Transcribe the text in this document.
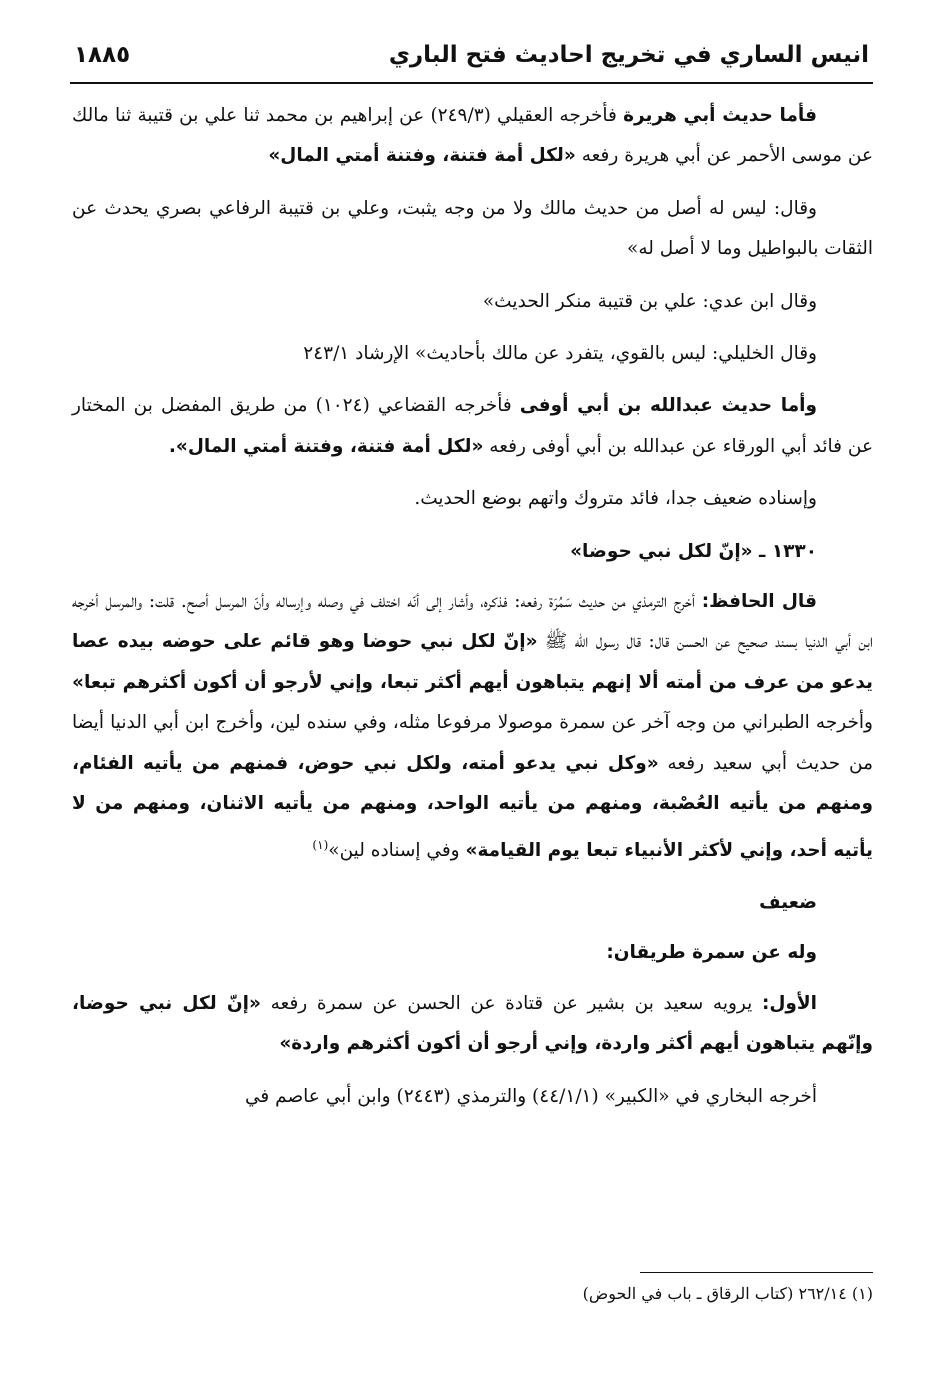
انيس الساري في تخريج احاديث فتح الباري
١٨٨٥

فأما حديث أبي هريرة فأخرجه العقيلي (٢٤٩/٣) عن إبراهيم بن محمد ثنا علي بن قتيبة ثنا مالك عن موسى الأحمر عن أبي هريرة رفعه «لكل أمة فتنة، وفتنة أمتي المال»

وقال: ليس له أصل من حديث مالك ولا من وجه يثبت، وعلي بن قتيبة الرفاعي بصري يحدث عن الثقات بالبواطيل وما لا أصل له»

وقال ابن عدي: علي بن قتيبة منكر الحديث»

وقال الخليلي: ليس بالقوي، يتفرد عن مالك بأحاديث» الإرشاد ٢٤٣/١

وأما حديث عبدالله بن أبي أوفى فأخرجه القضاعي (١٠٢٤) من طريق المفضل بن المختار عن فائد أبي الورقاء عن عبدالله بن أبي أوفى رفعه «لكل أمة فتنة، وفتنة أمتي المال».

وإسناده ضعيف جدا، فائد متروك واتهم بوضع الحديث.

١٣٣٠ ـ «إنّ لكل نبي حوضا»

قال الحافظ: أخرج الترمذي من حديث سَمُرَة رفعه: فذكره، وأشار إلى أنّه اختلف في وصله وإرساله وأنّ المرسل أصح. قلت: والمرسل أخرجه ابن أبي الدنيا بسند صحيح عن الحسن قال: قال رسول الله ﷺ «إنّ لكل نبي حوضا وهو قائم على حوضه بيده عصا يدعو من عرف من أمته ألا إنهم يتباهون أيهم أكثر تبعا، وإني لأرجو أن أكون أكثرهم تبعا» وأخرجه الطبراني من وجه آخر عن سمرة موصولا مرفوعا مثله، وفي سنده لين، وأخرج ابن أبي الدنيا أيضا من حديث أبي سعيد رفعه «وكل نبي يدعو أمته، ولكل نبي حوض، فمنهم من يأتيه الفئام، ومنهم من يأتيه العُصْبة، ومنهم من يأتيه الواحد، ومنهم من يأتيه الاثنان، ومنهم من لا يأتيه أحد، وإني لأكثر الأنبياء تبعا يوم القيامة» وفي إسناده لين»$^{(١)}$

ضعيف

وله عن سمرة طريقان:

الأول: يرويه سعيد بن بشير عن قتادة عن الحسن عن سمرة رفعه «إنّ لكل نبي حوضا، وإنّهم يتباهون أيهم أكثر واردة، وإني أرجو أن أكون أكثرهم واردة»

أخرجه البخاري في «الكبير» (٤٤/١/١) والترمذي (٢٤٤٣) وابن أبي عاصم في

(١) ٢٦٢/١٤ (كتاب الرقاق ـ باب في الحوض)
